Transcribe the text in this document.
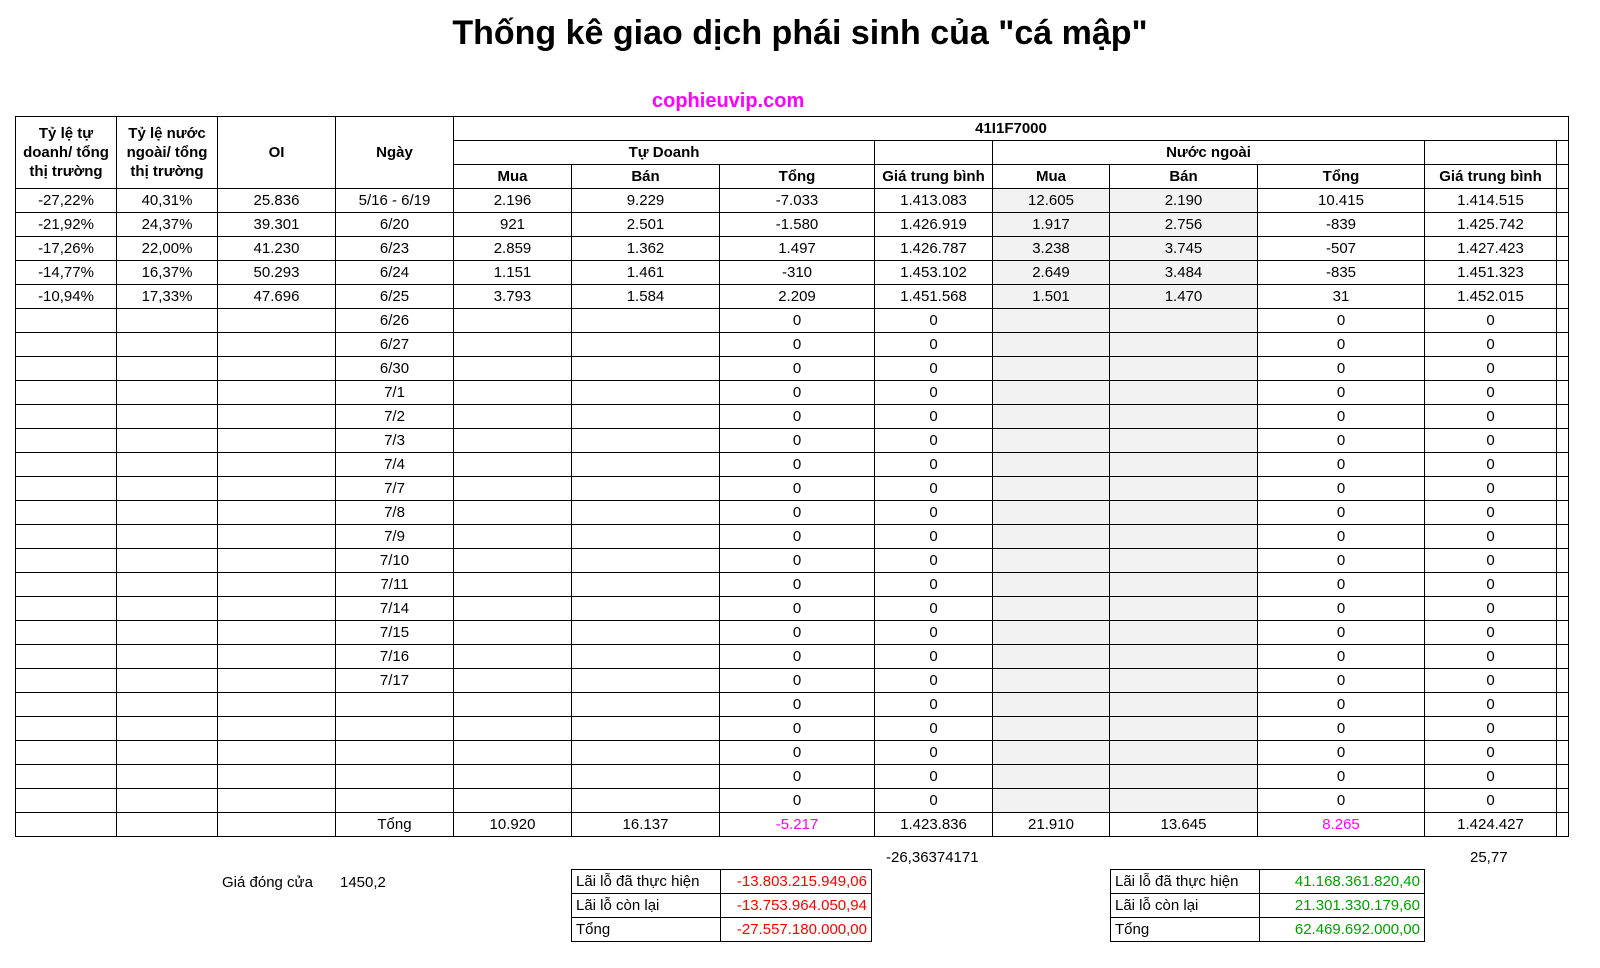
Thống kê giao dịch phái sinh của "cá mập"
cophieuvip.com
Tỷ lệ tự doanh/ tổng thị trường	Tỷ lệ nước ngoài/ tổng thị trường	OI	Ngày	41I1F7000								
				Tự Doanh				Nước ngoài				
				Mua	Bán	Tổng	Giá trung bình	Mua	Bán	Tổng	Giá trung bình	
-27,22%	40,31%	25.836	5/16 - 6/19	2.196	9.229	-7.033	1.413.083	12.605	2.190	10.415	1.414.515	
-21,92%	24,37%	39.301	6/20	921	2.501	-1.580	1.426.919	1.917	2.756	-839	1.425.742	
-17,26%	22,00%	41.230	6/23	2.859	1.362	1.497	1.426.787	3.238	3.745	-507	1.427.423	
-14,77%	16,37%	50.293	6/24	1.151	1.461	-310	1.453.102	2.649	3.484	-835	1.451.323	
-10,94%	17,33%	47.696	6/25	3.793	1.584	2.209	1.451.568	1.501	1.470	31	1.452.015	
			6/26			0	0			0	0	
			6/27			0	0			0	0	
			6/30			0	0			0	0	
			7/1			0	0			0	0	
			7/2			0	0			0	0	
			7/3			0	0			0	0	
			7/4			0	0			0	0	
			7/7			0	0			0	0	
			7/8			0	0			0	0	
			7/9			0	0			0	0	
			7/10			0	0			0	0	
			7/11			0	0			0	0	
			7/14			0	0			0	0	
			7/15			0	0			0	0	
			7/16			0	0			0	0	
			7/17			0	0			0	0	
						0	0			0	0	
						0	0			0	0	
						0	0			0	0	
						0	0			0	0	
						0	0			0	0	
			Tổng	10.920	16.137	-5.217	1.423.836	21.910	13.645	8.265	1.424.427	
-26,36374171	25,77
Giá đóng cửa 1450,2	Lãi lỗ đã thực hiện	-13.803.215.949,06
Lãi lỗ còn lại	-13.753.964.050,94
Tổng	-27.557.180.000,00
Lãi lỗ đã thực hiện	41.168.361.820,40
Lãi lỗ còn lại	21.301.330.179,60
Tổng	62.469.692.000,00
